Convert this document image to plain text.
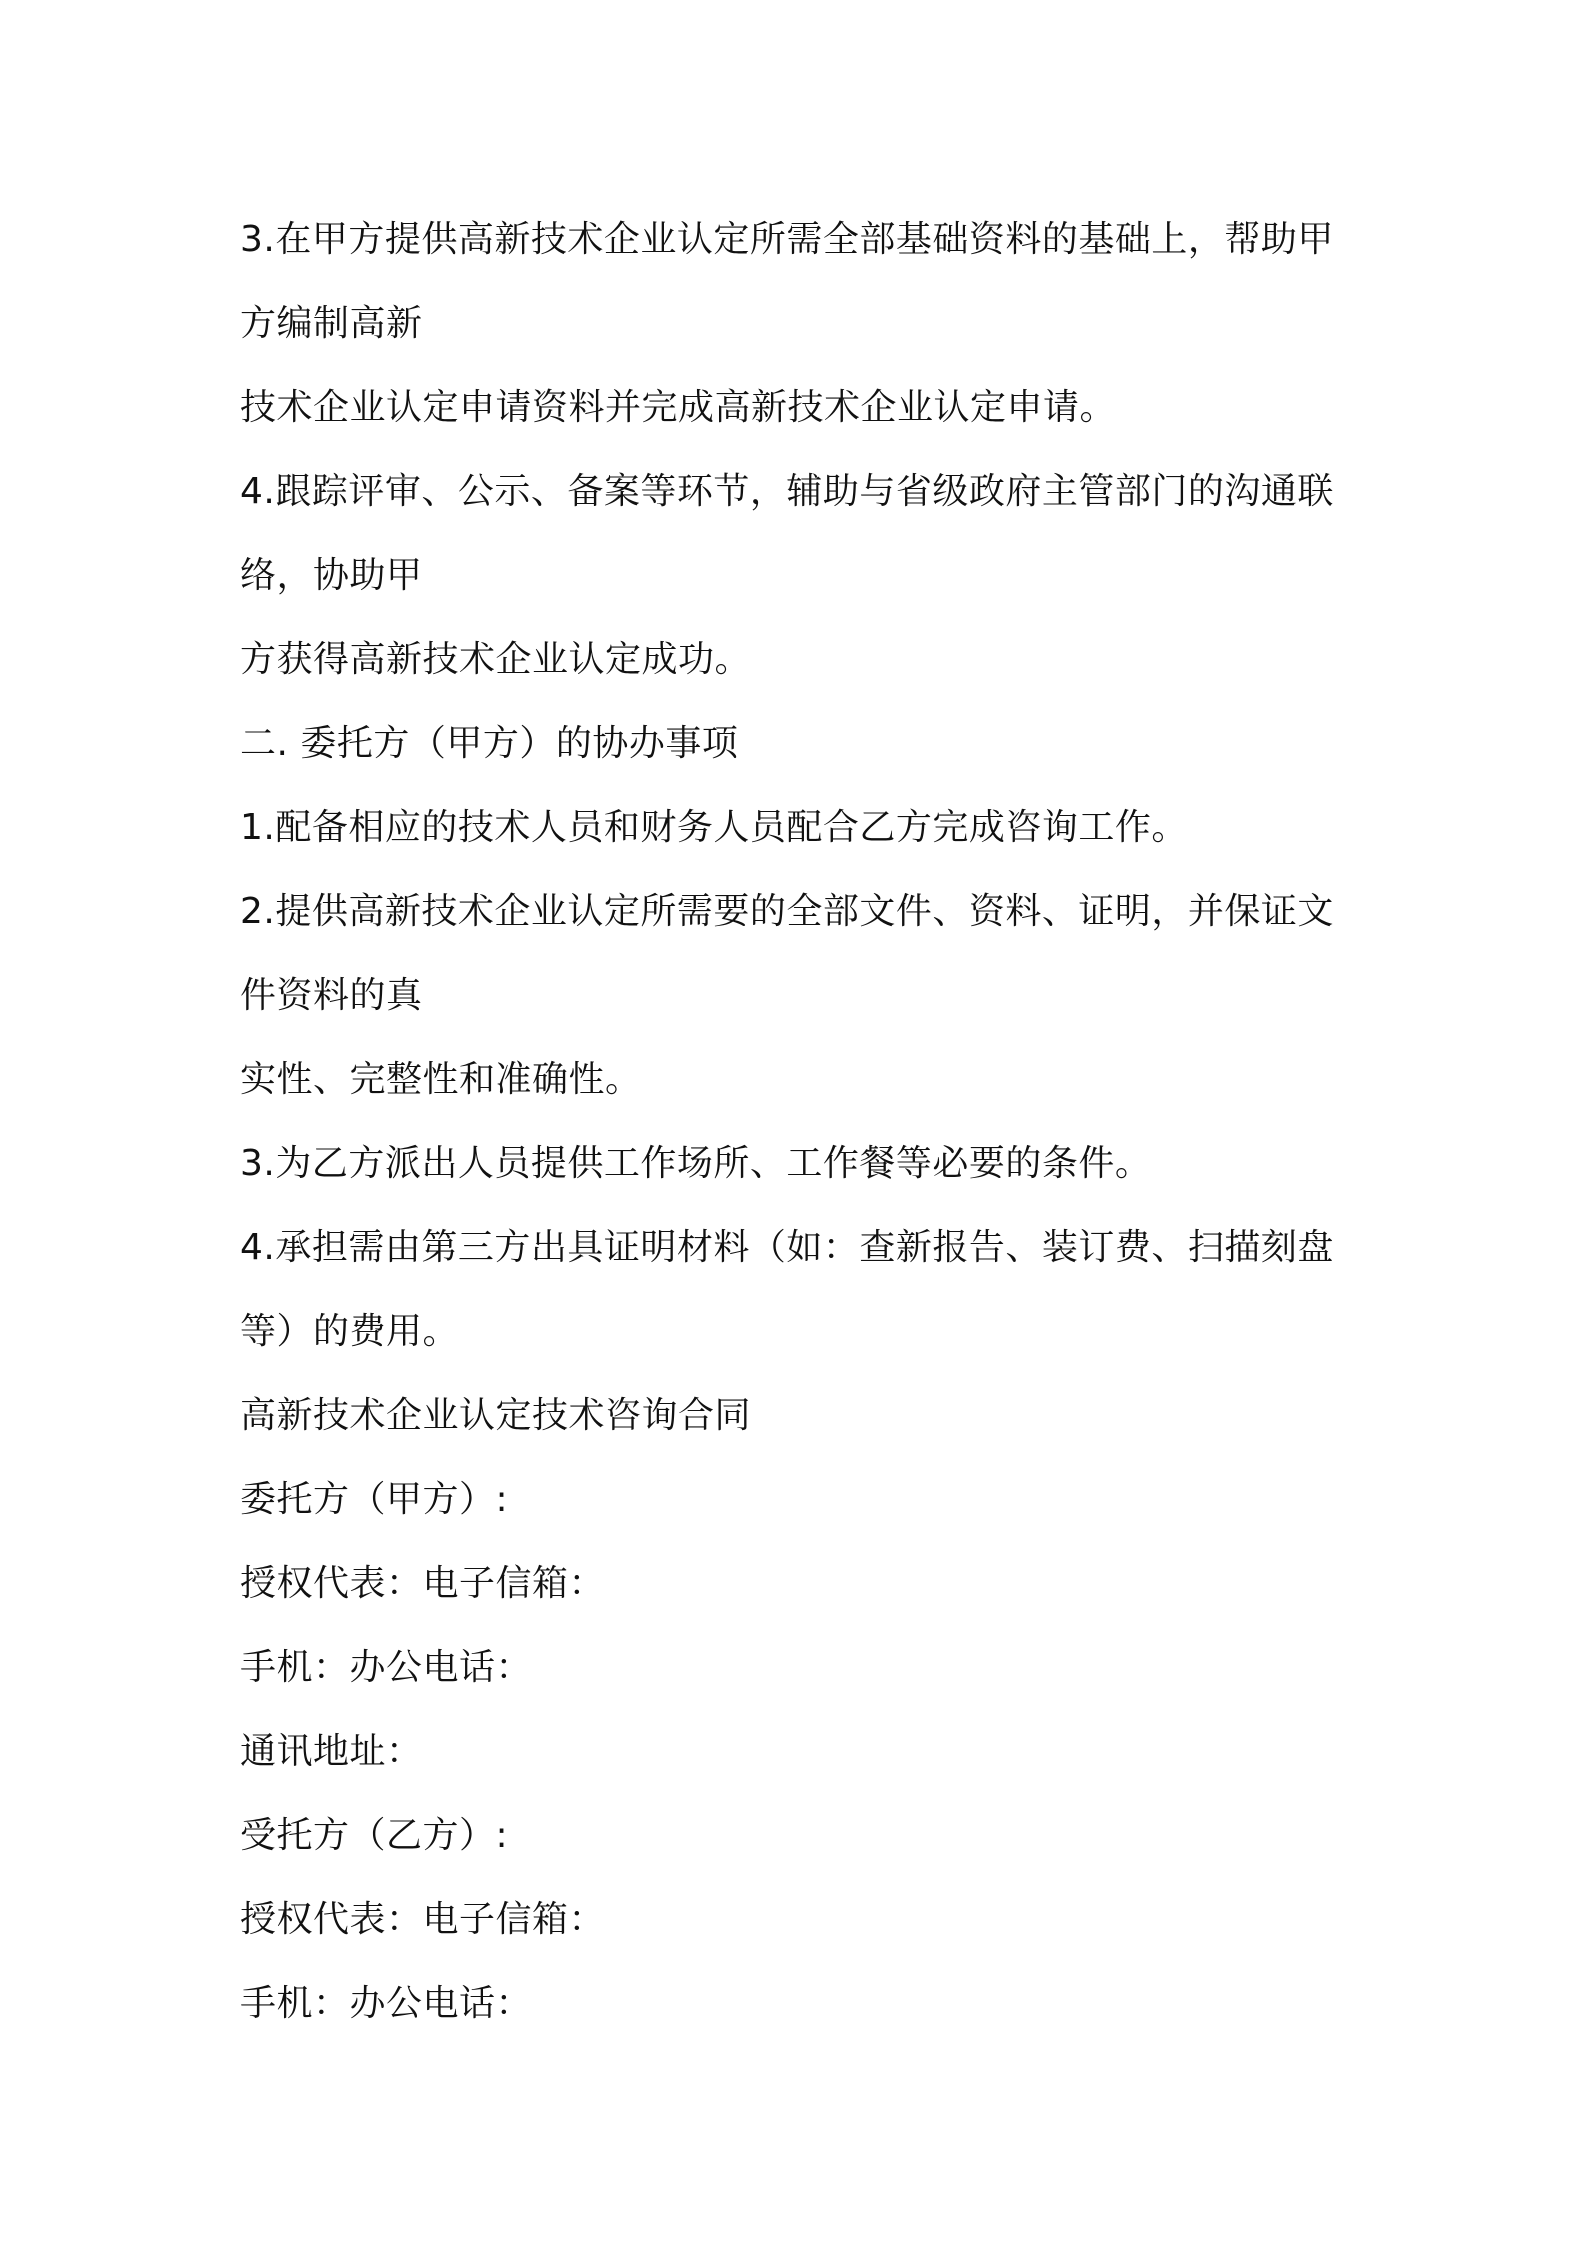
3.在甲方提供高新技术企业认定所需全部基础资料的基础上，帮助甲
方编制高新
技术企业认定申请资料并完成高新技术企业认定申请。
4.跟踪评审、公示、备案等环节，辅助与省级政府主管部门的沟通联
络，协助甲
方获得高新技术企业认定成功。
二. 委托方（甲方）的协办事项
1.配备相应的技术人员和财务人员配合乙方完成咨询工作。
2.提供高新技术企业认定所需要的全部文件、资料、证明，并保证文
件资料的真
实性、完整性和准确性。
3.为乙方派出人员提供工作场所、工作餐等必要的条件。
4.承担需由第三方出具证明材料（如：查新报告、装订费、扫描刻盘
等）的费用。
高新技术企业认定技术咨询合同
委托方（甲方）:
授权代表：电子信箱：
手机：办公电话：
通讯地址：
受托方（乙方）:
授权代表：电子信箱：
手机：办公电话：
